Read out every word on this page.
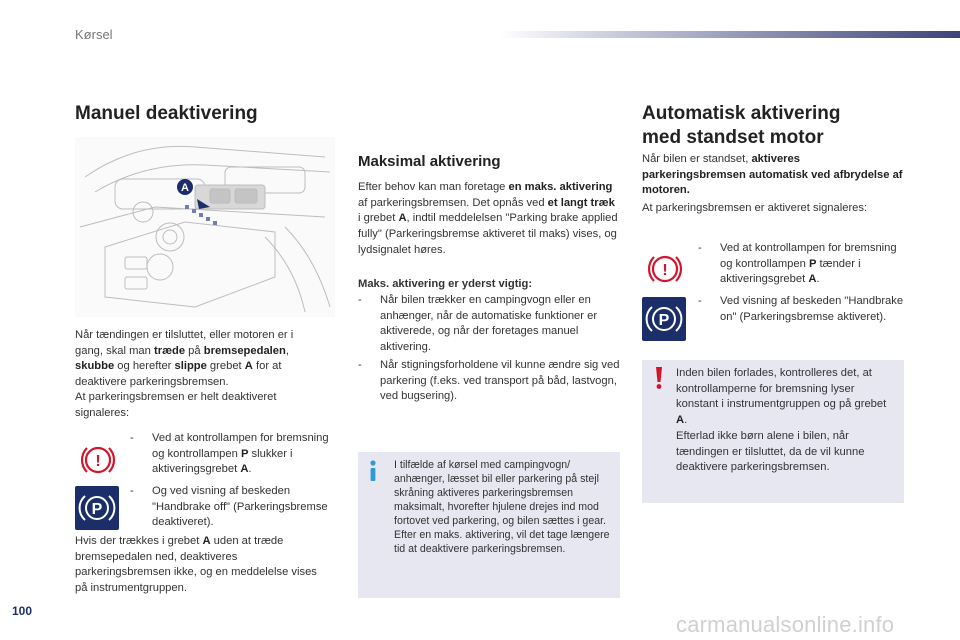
Kørsel
Manuel deaktivering
A
Når tændingen er tilsluttet, eller motoren er i gang, skal man træde på bremsepedalen, skubbe og herefter slippe grebet A for at deaktivere parkeringsbremsen.
At parkeringsbremsen er helt deaktiveret signaleres:
!
-	Ved at kontrollampen for bremsning og kontrollampen P slukker i aktiveringsgrebet A.
P
-	Og ved visning af beskeden "Handbrake off" (Parkeringsbremse deaktiveret).
Hvis der trækkes i grebet A uden at træde bremsepedalen ned, deaktiveres parkeringsbremsen ikke, og en meddelelse vises på instrumentgruppen.
Maksimal aktivering
Efter behov kan man foretage en maks. aktivering af parkeringsbremsen. Det opnås ved et langt træk i grebet A, indtil meddelelsen "Parking brake applied fully" (Parkeringsbremse aktiveret til maks) vises, og lydsignalet høres.
Maks. aktivering er yderst vigtig:
-	Når bilen trækker en campingvogn eller en anhænger, når de automatiske funktioner er aktiverede, og når der foretages manuel aktivering.
-	Når stigningsforholdene vil kunne ændre sig ved parkering (f.eks. ved transport på båd, lastvogn, ved bugsering).
I tilfælde af kørsel med campingvogn/ anhænger, læsset bil eller parkering på stejl skråning aktiveres parkeringsbremsen maksimalt, hvorefter hjulene drejes ind mod fortovet ved parkering, og bilen sættes i gear. Efter en maks. aktivering, vil det tage længere tid at deaktivere parkeringsbremsen.
Automatisk aktivering med standset motor
Når bilen er standset, aktiveres parkeringsbremsen automatisk ved afbrydelse af motoren.
At parkeringsbremsen er aktiveret signaleres:
!
-	Ved at kontrollampen for bremsning og kontrollampen P tænder i aktiveringsgrebet A.
P
-	Ved visning af beskeden "Handbrake on" (Parkeringsbremse aktiveret).
Inden bilen forlades, kontrolleres det, at kontrollamperne for bremsning lyser konstant i instrumentgruppen og på grebet A.
Efterlad ikke børn alene i bilen, når tændingen er tilsluttet, da de vil kunne deaktivere parkeringsbremsen.
100
carmanualsonline.info
